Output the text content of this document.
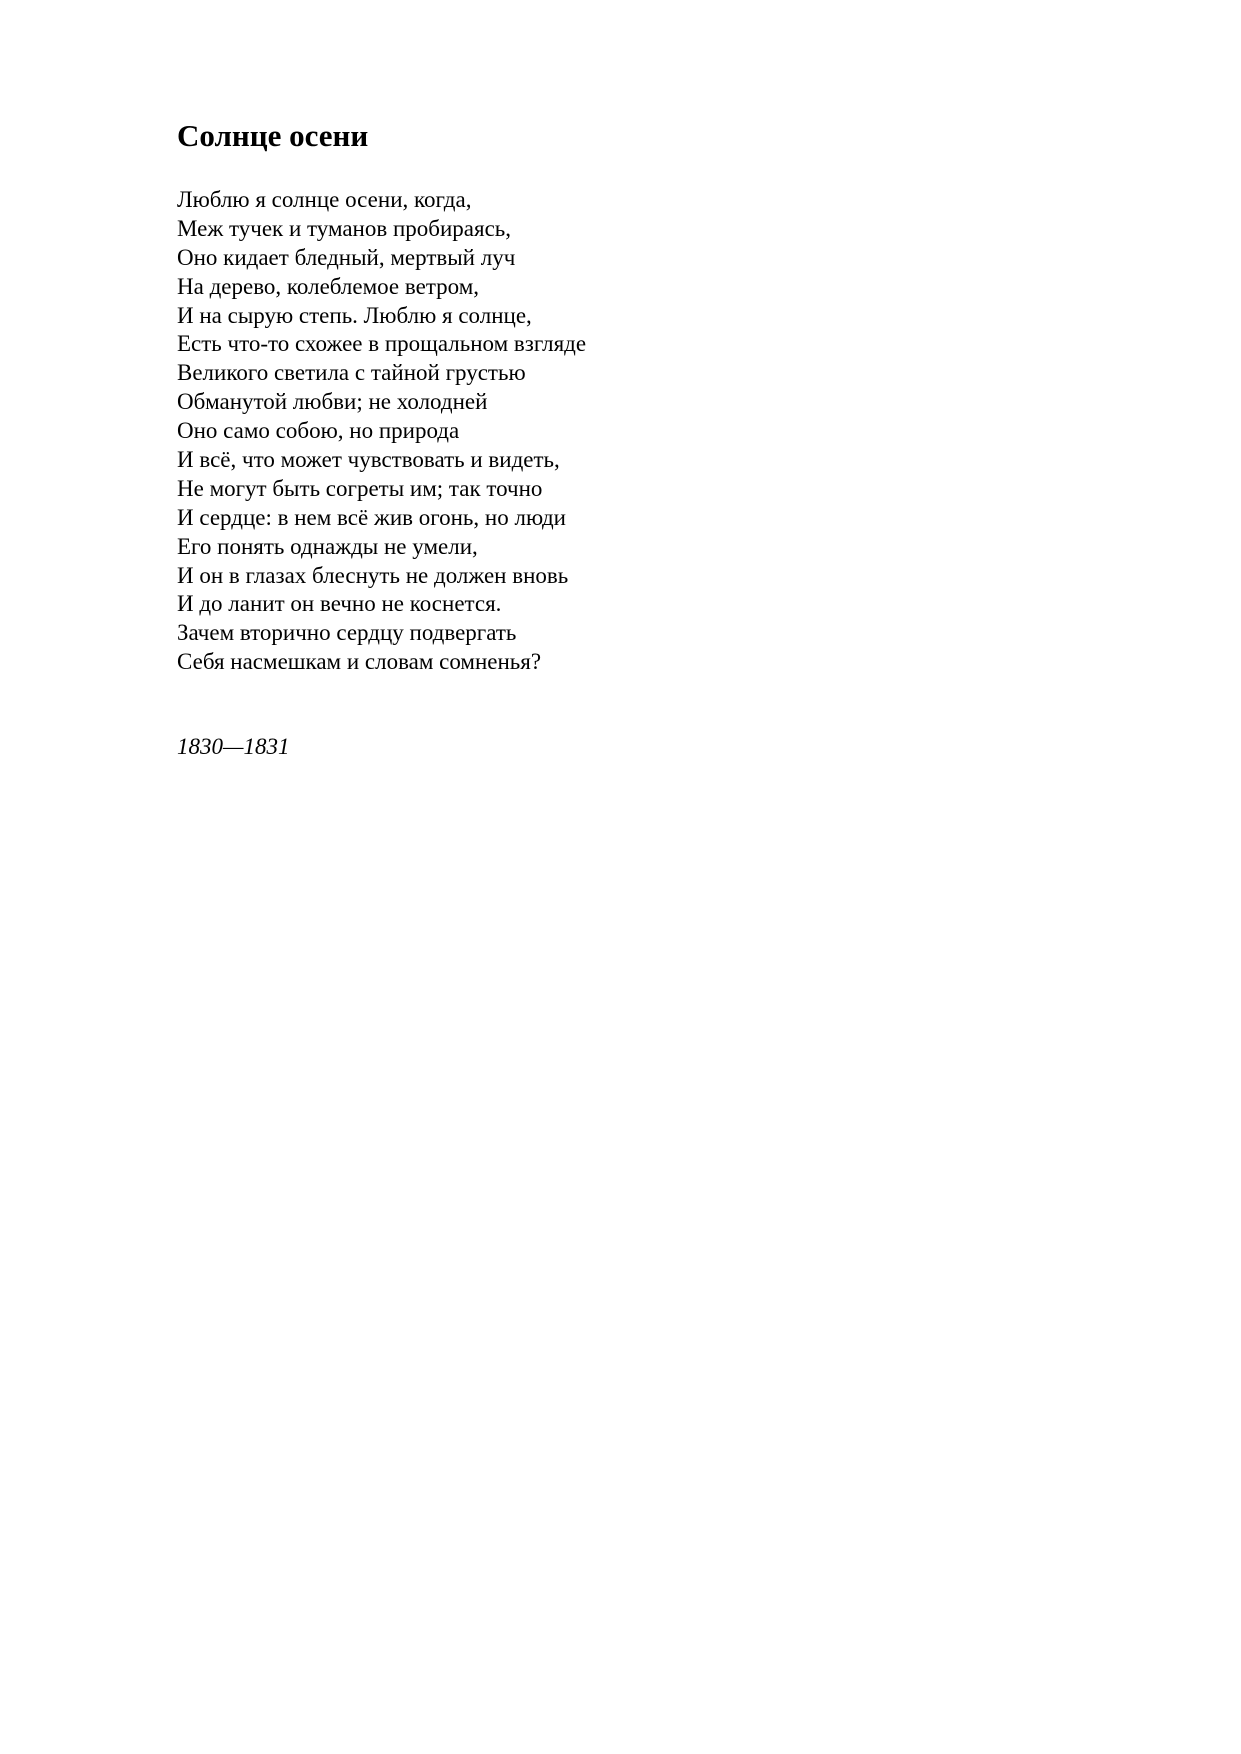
Солнце осени
Люблю я солнце осени, когда,
Меж тучек и туманов пробираясь,
Оно кидает бледный, мертвый луч
На дерево, колеблемое ветром,
И на сырую степь. Люблю я солнце,
Есть что-то схожее в прощальном взгляде
Великого светила с тайной грустью
Обманутой любви; не холодней
Оно само собою, но природа
И всё, что может чувствовать и видеть,
Не могут быть согреты им; так точно
И сердце: в нем всё жив огонь, но люди
Его понять однажды не умели,
И он в глазах блеснуть не должен вновь
И до ланит он вечно не коснется.
Зачем вторично сердцу подвергать
Себя насмешкам и словам сомненья?

1830—1831
